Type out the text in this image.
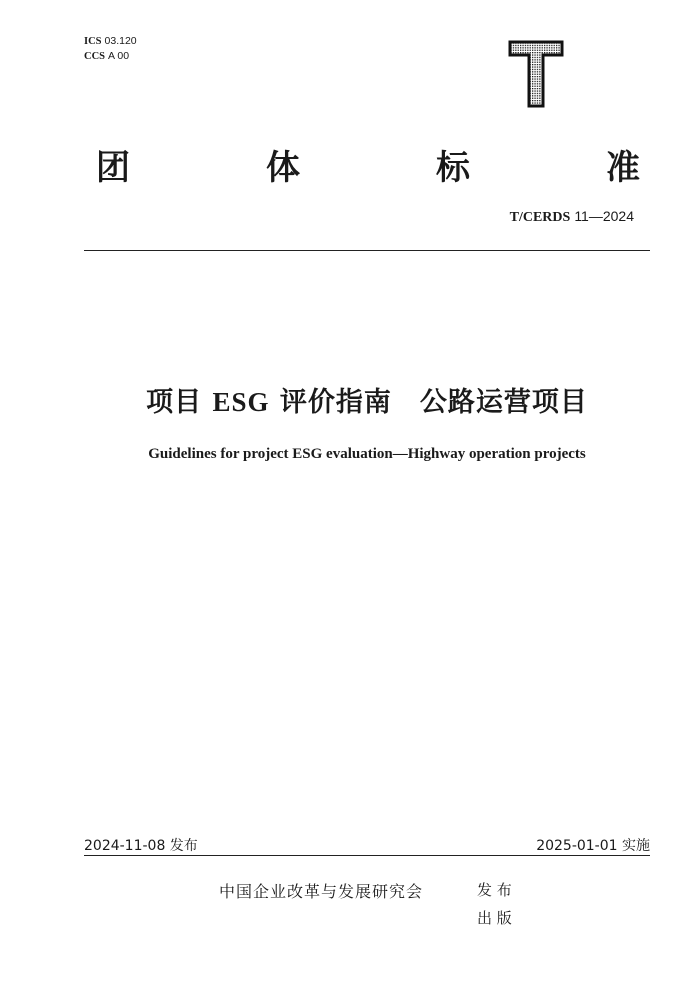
ICS 03.120
CCS A 00
团	体	标	准
T/CERDS 11—2024
项目 ESG 评价指南 公路运营项目
Guidelines for project ESG evaluation—Highway operation projects
2024-11-08 发布	2025-01-01 实施
中国企业改革与发展研究会	发 布
出 版
